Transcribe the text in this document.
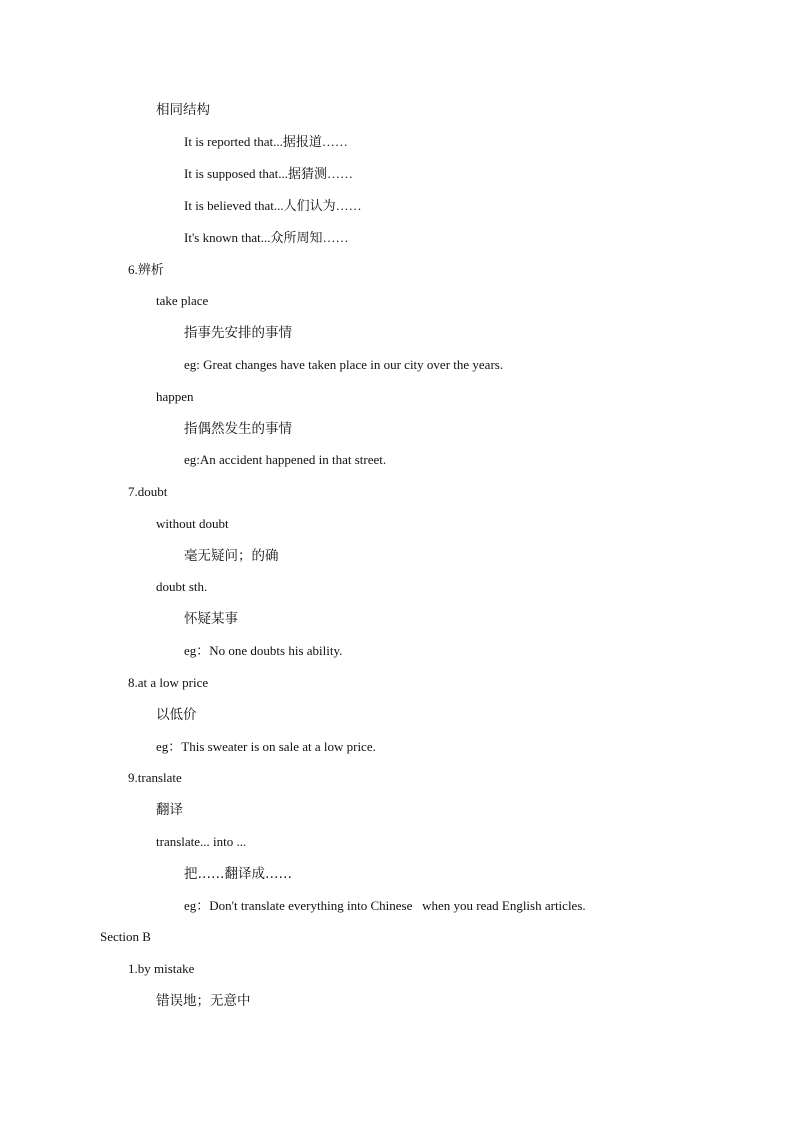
相同结构
It is reported that...据报道……
It is supposed that...据猜测……
It is believed that...人们认为……
It's known that...众所周知……
6.辨析
take place
指事先安排的事情
eg: Great changes have taken place in our city over the years.
happen
指偶然发生的事情
eg:An accident happened in that street.
7.doubt
without doubt
毫无疑问；的确
doubt sth.
怀疑某事
eg：No one doubts his ability.
8.at a low price
以低价
eg：This sweater is on sale at a low price.
9.translate
翻译
translate... into ...
把……翻译成……
eg：Don't translate everything into Chinese   when you read English articles.
Section B
1.by mistake
错误地；无意中
